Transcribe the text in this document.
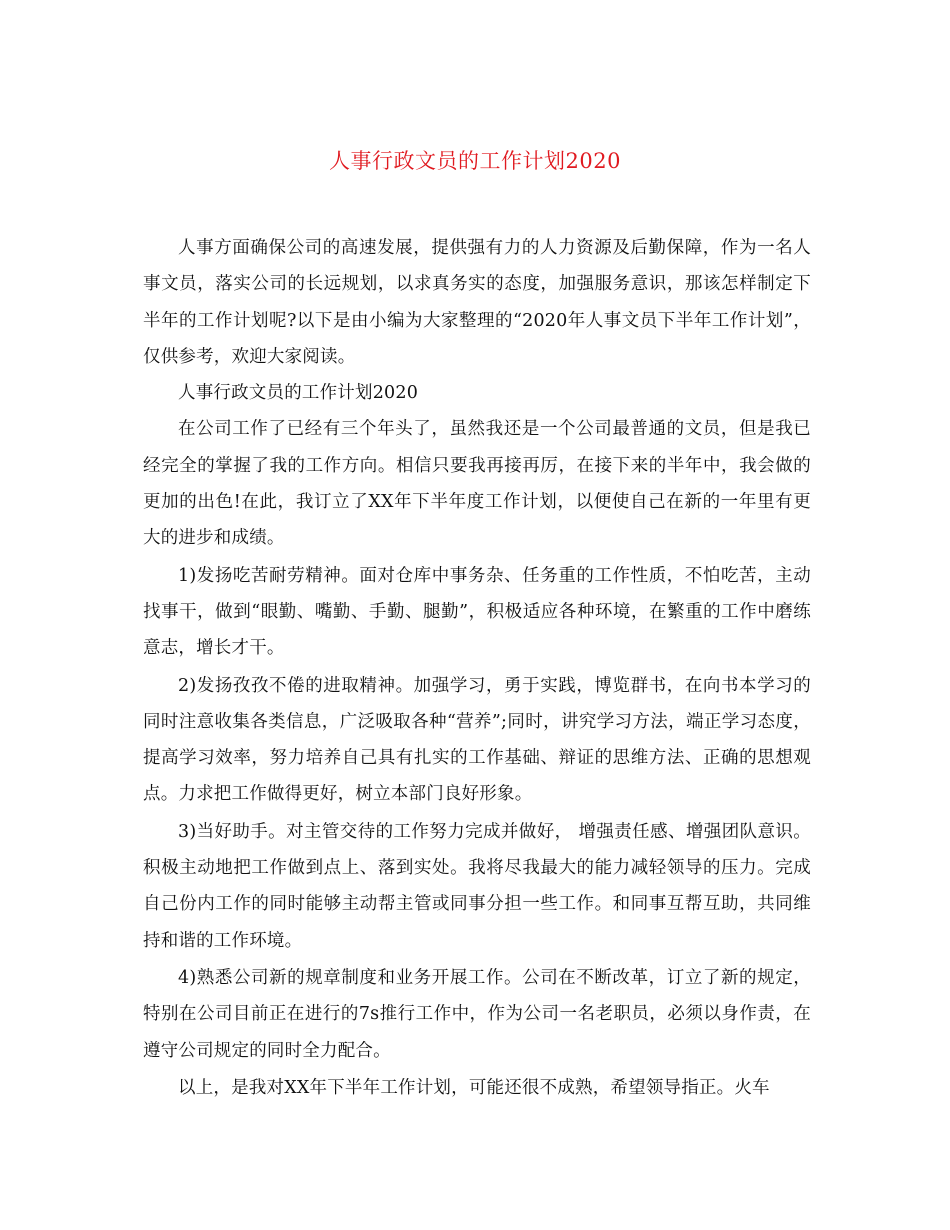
人事行政文员的工作计划2020

人事方面确保公司的高速发展，提供强有力的人力资源及后勤保障，作为一名人事文员，落实公司的长远规划，以求真务实的态度，加强服务意识，那该怎样制定下半年的工作计划呢?以下是由小编为大家整理的“2020年人事文员下半年工作计划”，仅供参考，欢迎大家阅读。

人事行政文员的工作计划2020

在公司工作了已经有三个年头了，虽然我还是一个公司最普通的文员，但是我已经完全的掌握了我的工作方向。相信只要我再接再厉，在接下来的半年中，我会做的更加的出色!在此，我订立了XX年下半年度工作计划，以便使自己在新的一年里有更大的进步和成绩。

1)发扬吃苦耐劳精神。面对仓库中事务杂、任务重的工作性质，不怕吃苦，主动找事干，做到“眼勤、嘴勤、手勤、腿勤”，积极适应各种环境，在繁重的工作中磨练意志，增长才干。

2)发扬孜孜不倦的进取精神。加强学习，勇于实践，博览群书，在向书本学习的同时注意收集各类信息，广泛吸取各种“营养”;同时，讲究学习方法，端正学习态度，提高学习效率，努力培养自己具有扎实的工作基础、辩证的思维方法、正确的思想观点。力求把工作做得更好，树立本部门良好形象。

3)当好助手。对主管交待的工作努力完成并做好， 增强责任感、增强团队意识。积极主动地把工作做到点上、落到实处。我将尽我最大的能力减轻领导的压力。完成自己份内工作的同时能够主动帮主管或同事分担一些工作。和同事互帮互助，共同维持和谐的工作环境。

4)熟悉公司新的规章制度和业务开展工作。公司在不断改革，订立了新的规定，特别在公司目前正在进行的7s推行工作中，作为公司一名老职员，必须以身作责，在遵守公司规定的同时全力配合。

以上，是我对XX年下半年工作计划，可能还很不成熟，希望领导指正。火车
